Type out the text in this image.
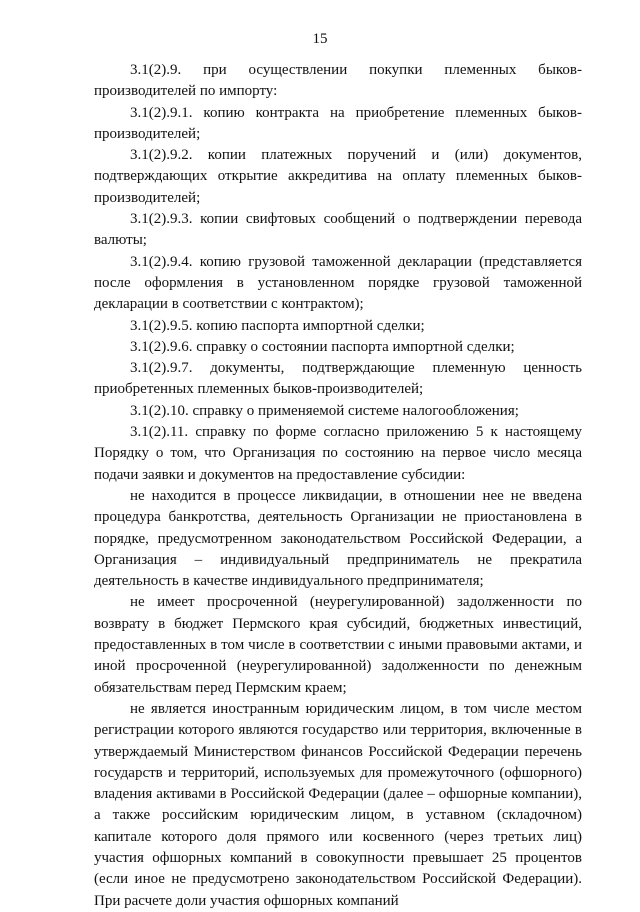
15

3.1(2).9. при осуществлении покупки племенных быков-производителей по импорту:

3.1(2).9.1. копию контракта на приобретение племенных быков-производителей;

3.1(2).9.2. копии платежных поручений и (или) документов, подтверждающих открытие аккредитива на оплату племенных быков-производителей;

3.1(2).9.3. копии свифтовых сообщений о подтверждении перевода валюты;

3.1(2).9.4. копию грузовой таможенной декларации (представляется после оформления в установленном порядке грузовой таможенной декларации в соответствии с контрактом);

3.1(2).9.5. копию паспорта импортной сделки;

3.1(2).9.6. справку о состоянии паспорта импортной сделки;

3.1(2).9.7. документы, подтверждающие племенную ценность приобретенных племенных быков-производителей;

3.1(2).10. справку о применяемой системе налогообложения;

3.1(2).11. справку по форме согласно приложению 5 к настоящему Порядку о том, что Организация по состоянию на первое число месяца подачи заявки и документов на предоставление субсидии:

не находится в процессе ликвидации, в отношении нее не введена процедура банкротства, деятельность Организации не приостановлена в порядке, предусмотренном законодательством Российской Федерации, а Организация – индивидуальный предприниматель не прекратила деятельность в качестве индивидуального предпринимателя;

не имеет просроченной (неурегулированной) задолженности по возврату в бюджет Пермского края субсидий, бюджетных инвестиций, предоставленных в том числе в соответствии с иными правовыми актами, и иной просроченной (неурегулированной) задолженности по денежным обязательствам перед Пермским краем;

не является иностранным юридическим лицом, в том числе местом регистрации которого являются государство или территория, включенные в утверждаемый Министерством финансов Российской Федерации перечень государств и территорий, используемых для промежуточного (офшорного) владения активами в Российской Федерации (далее – офшорные компании), а также российским юридическим лицом, в уставном (складочном) капитале которого доля прямого или косвенного (через третьих лиц) участия офшорных компаний в совокупности превышает 25 процентов (если иное не предусмотрено законодательством Российской Федерации). При расчете доли участия офшорных компаний
